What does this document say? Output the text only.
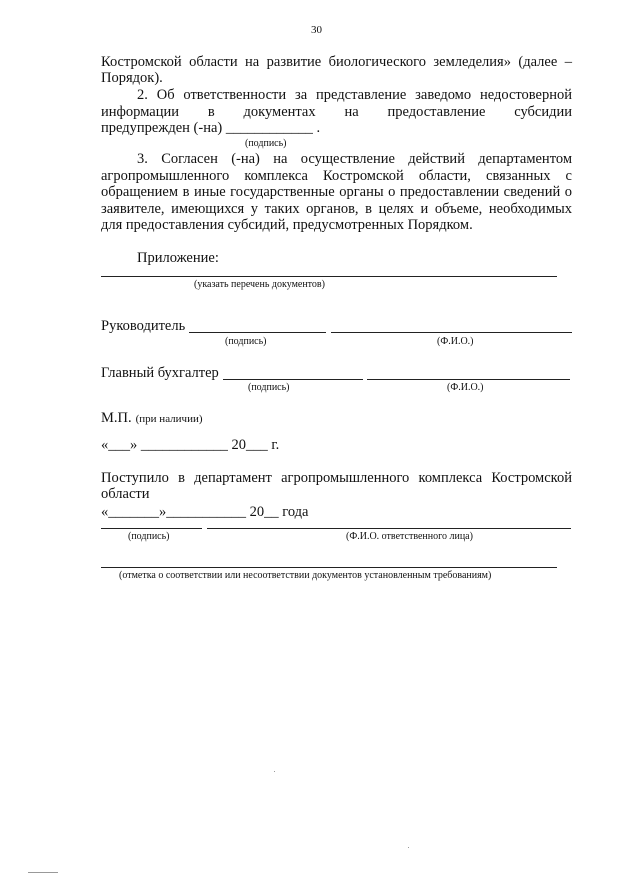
30
Костромской области на развитие биологического земледелия» (далее –
Порядок).
2. Об ответственности за представление заведомо недостоверной
информации в документах на предоставление субсидии
предупрежден (-на) ____________ .
(подпись)
3. Согласен (-на) на осуществление действий департаментом
агропромышленного комплекса Костромской области, связанных с
обращением в иные государственные органы о предоставлении сведений о
заявителе, имеющихся у таких органов, в целях и объеме, необходимых
для предоставления субсидий, предусмотренных Порядком.
Приложение:
(указать перечень документов)
Руководитель
(подпись)	(Ф.И.О.)
Главный бухгалтер
(подпись)	(Ф.И.О.)
М.П. (при наличии)
«___» ____________ 20___ г.
Поступило в департамент агропромышленного комплекса Костромской
области
«_______»___________ 20__ года
(подпись)	(Ф.И.О. ответственного лица)
(отметка о соответствии или несоответствии документов установленным требованиям)
